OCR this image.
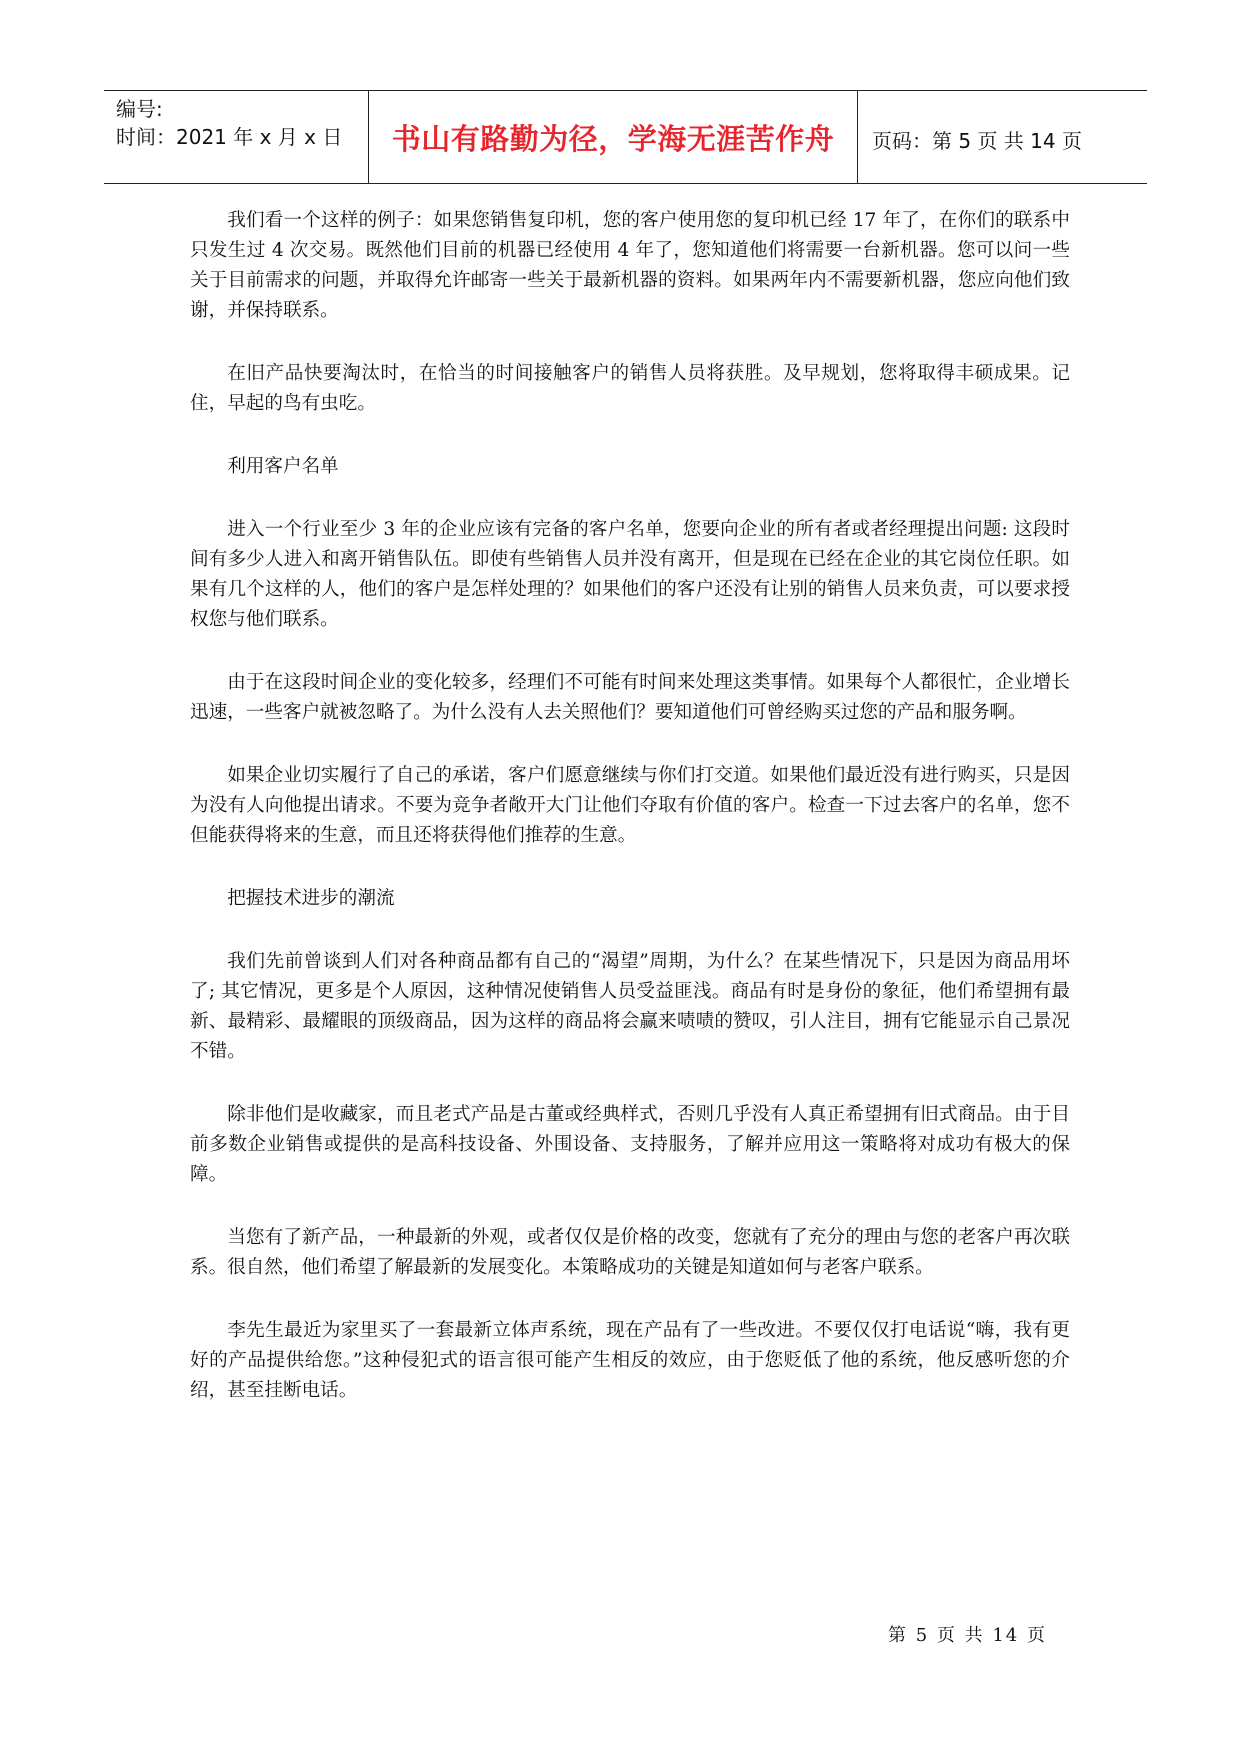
编号:
时间：2021 年 x 月 x 日	书山有路勤为径，学海无涯苦作舟	页码：第 5 页 共 14 页

我们看一个这样的例子：如果您销售复印机，您的客户使用您的复印机已经 17 年了，在你们的联系中只发生过 4 次交易。既然他们目前的机器已经使用 4 年了，您知道他们将需要一台新机器。您可以问一些关于目前需求的问题，并取得允许邮寄一些关于最新机器的资料。如果两年内不需要新机器，您应向他们致谢，并保持联系。

在旧产品快要淘汰时，在恰当的时间接触客户的销售人员将获胜。及早规划，您将取得丰硕成果。记住，早起的鸟有虫吃。

利用客户名单

进入一个行业至少 3 年的企业应该有完备的客户名单，您要向企业的所有者或者经理提出问题: 这段时间有多少人进入和离开销售队伍。即使有些销售人员并没有离开，但是现在已经在企业的其它岗位任职。如果有几个这样的人，他们的客户是怎样处理的？如果他们的客户还没有让别的销售人员来负责，可以要求授权您与他们联系。

由于在这段时间企业的变化较多，经理们不可能有时间来处理这类事情。如果每个人都很忙，企业增长迅速，一些客户就被忽略了。为什么没有人去关照他们？要知道他们可曾经购买过您的产品和服务啊。

如果企业切实履行了自己的承诺，客户们愿意继续与你们打交道。如果他们最近没有进行购买，只是因为没有人向他提出请求。不要为竞争者敞开大门让他们夺取有价值的客户。检查一下过去客户的名单，您不但能获得将来的生意，而且还将获得他们推荐的生意。

把握技术进步的潮流

我们先前曾谈到人们对各种商品都有自己的“渴望”周期，为什么？在某些情况下，只是因为商品用坏了; 其它情况，更多是个人原因，这种情况使销售人员受益匪浅。商品有时是身份的象征，他们希望拥有最新、最精彩、最耀眼的顶级商品，因为这样的商品将会赢来啧啧的赞叹，引人注目，拥有它能显示自己景况不错。

除非他们是收藏家，而且老式产品是古董或经典样式，否则几乎没有人真正希望拥有旧式商品。由于目前多数企业销售或提供的是高科技设备、外围设备、支持服务，了解并应用这一策略将对成功有极大的保障。

当您有了新产品，一种最新的外观，或者仅仅是价格的改变，您就有了充分的理由与您的老客户再次联系。很自然，他们希望了解最新的发展变化。本策略成功的关键是知道如何与老客户联系。

李先生最近为家里买了一套最新立体声系统，现在产品有了一些改进。不要仅仅打电话说“嗨，我有更好的产品提供给您。”这种侵犯式的语言很可能产生相反的效应，由于您贬低了他的系统，他反感听您的介绍，甚至挂断电话。

第 5 页 共 14 页
